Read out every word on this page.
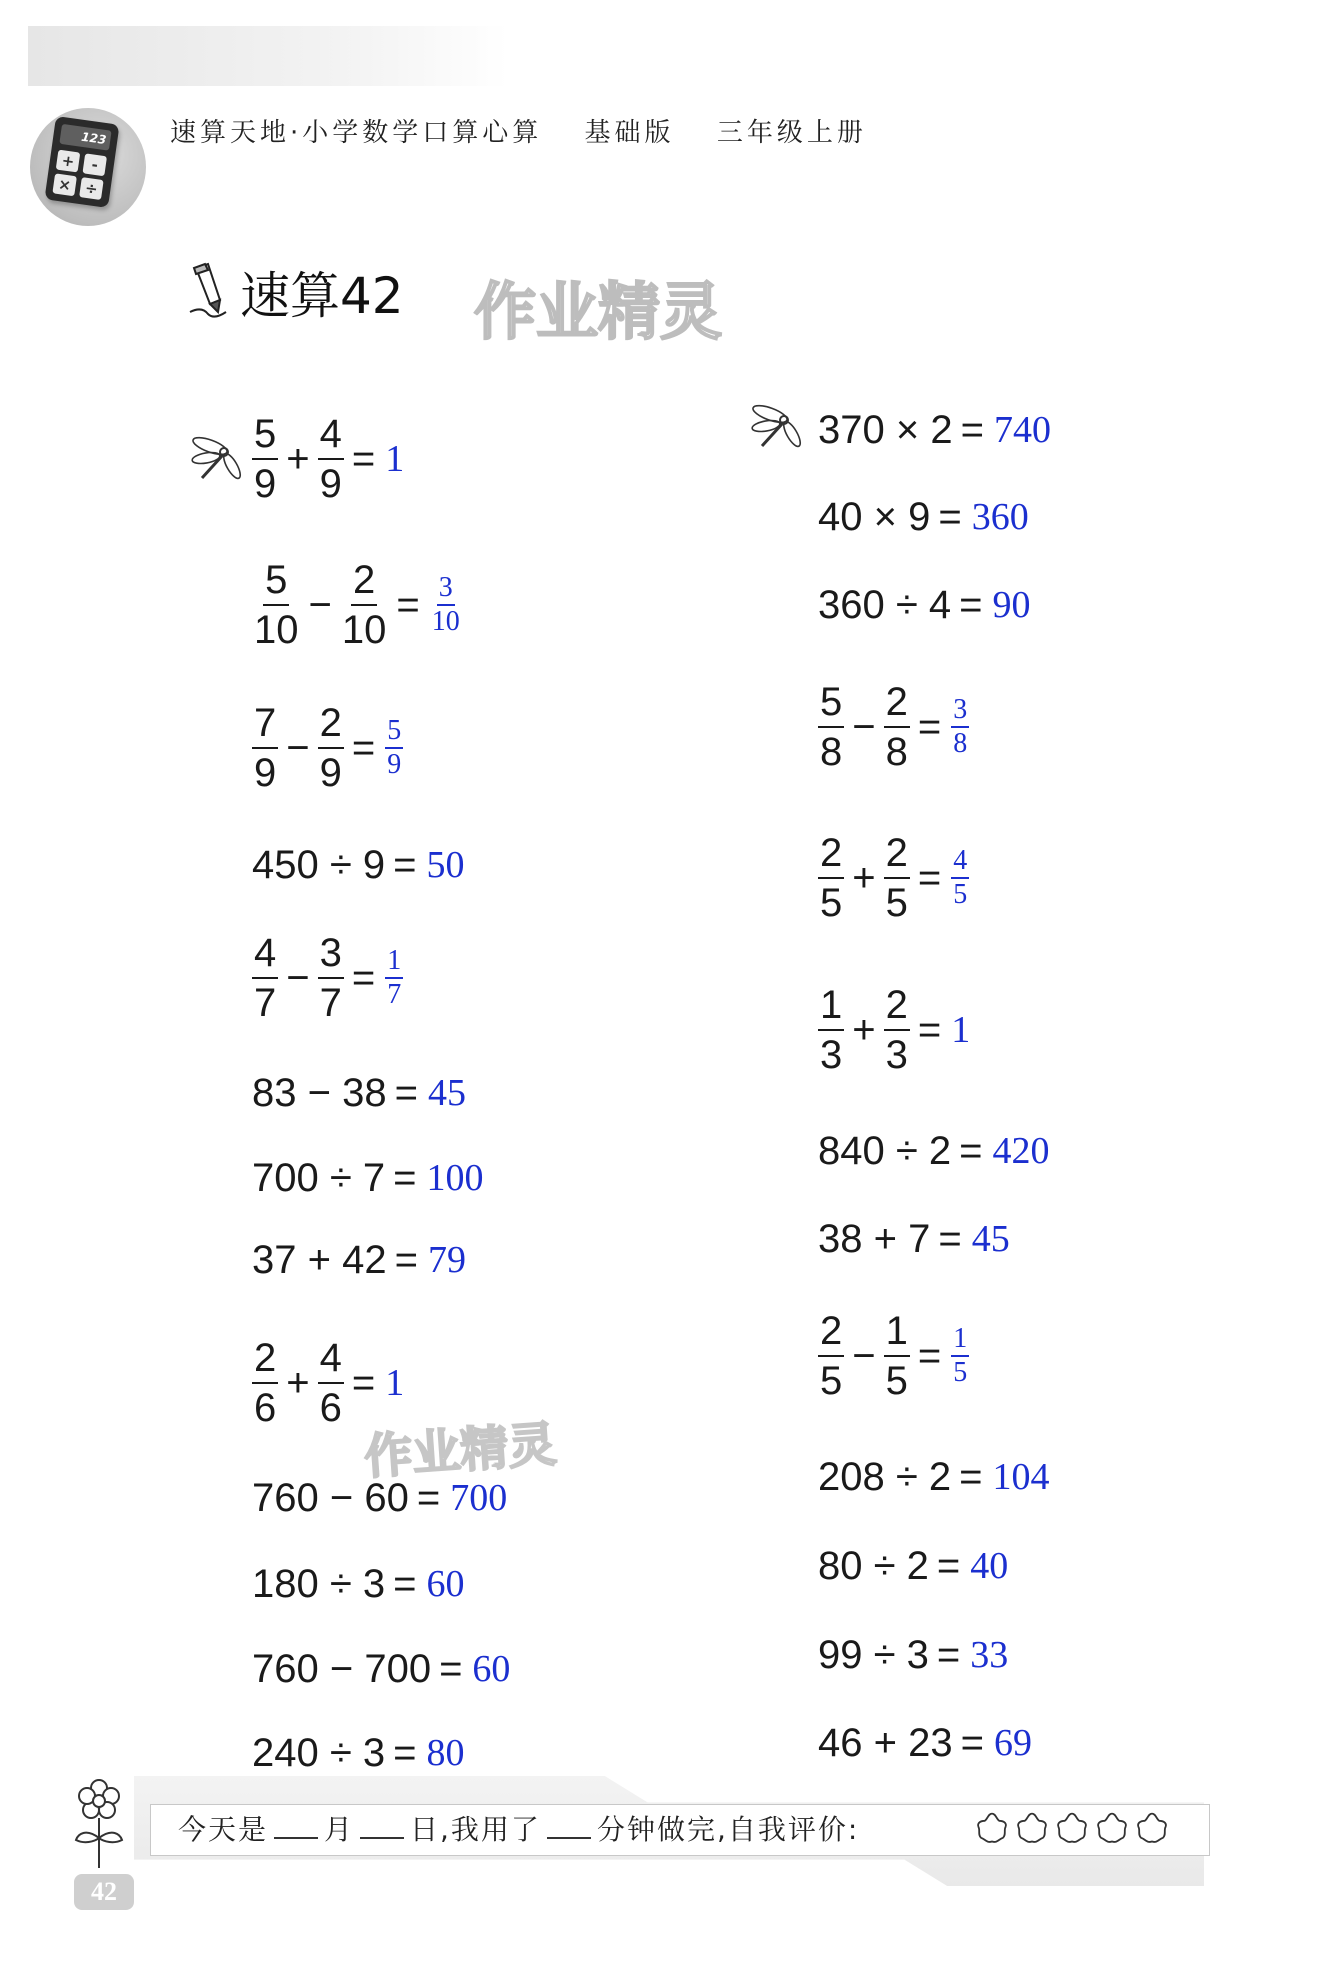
123
+ -
× ÷
速算天地·小学数学口算心算 基础版 三年级上册
速算42 作业精灵
$\frac{5}{9} + \frac{4}{9} = 1$
$\frac{5}{10} - \frac{2}{10} = \frac{3}{10}$
$\frac{7}{9} - \frac{2}{9} = \frac{5}{9}$
450 ÷ 9 = 50
$\frac{4}{7} - \frac{3}{7} = \frac{1}{7}$
83 − 38 = 45
700 ÷ 7 = 100
37 + 42 = 79
$\frac{2}{6} + \frac{4}{6} = 1$
760 − 60 = 700
180 ÷ 3 = 60
760 − 700 = 60
240 ÷ 3 = 80
370 × 2 = 740
40 × 9 = 360
360 ÷ 4 = 90
$\frac{5}{8} - \frac{2}{8} = \frac{3}{8}$
$\frac{2}{5} + \frac{2}{5} = \frac{4}{5}$
$\frac{1}{3} + \frac{2}{3} = 1$
840 ÷ 2 = 420
38 + 7 = 45
$\frac{2}{5} - \frac{1}{5} = \frac{1}{5}$
208 ÷ 2 = 104
80 ÷ 2 = 40
99 ÷ 3 = 33
46 + 23 = 69
作业精灵
今天是 月 日,我用了 分钟做完,自我评价:
42
